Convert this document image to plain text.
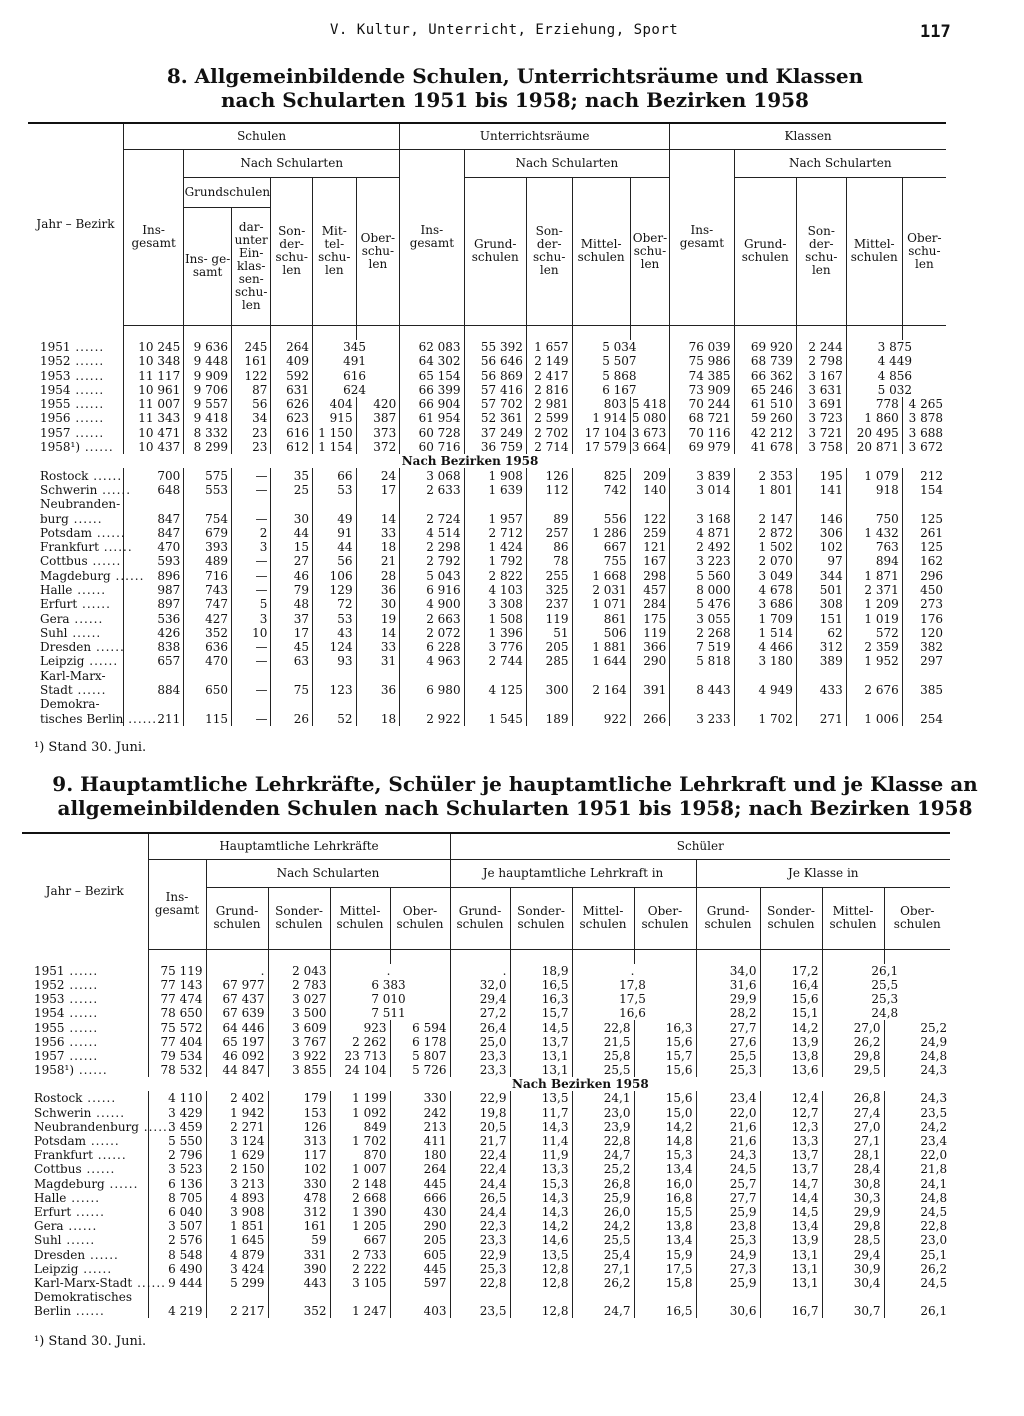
V. Kultur, Unterricht, Erziehung, Sport	117
8. Allgemeinbildende Schulen, Unterrichtsräume und Klassen
nach Schularten 1951 bis 1958; nach Bezirken 1958
Jahr – Bezirk	Schulen						Unterrichtsräume					Klassen				
	Ins- gesamt	Nach Schularten					Ins- gesamt	Nach Schularten				Ins- gesamt	Nach Schularten			
		Grundschulen		Son- der- schu- len	Mit- tel- schu- len	Ober- schu- len		Grund- schulen	Son- der- schu- len	Mittel- schulen	Ober- schu- len		Grund- schulen	Son- der- schu- len	Mittel- schulen	Ober- schu- len
		Ins- ge- samt	dar- unter Ein- klas- sen- schu- len													

1951 ......	10 245	9 636	245	264	345		62 083	55 392	1 657	5 034		76 039	69 920	2 244	3 875	
1952 ......	10 348	9 448	161	409	491		64 302	56 646	2 149	5 507		75 986	68 739	2 798	4 449	
1953 ......	11 117	9 909	122	592	616		65 154	56 869	2 417	5 868		74 385	66 362	3 167	4 856	
1954 ......	10 961	9 706	87	631	624		66 399	57 416	2 816	6 167		73 909	65 246	3 631	5 032	
1955 ......	11 007	9 557	56	626	404	420	66 904	57 702	2 981	803	5 418	70 244	61 510	3 691	778	4 265
1956 ......	11 343	9 418	34	623	915	387	61 954	52 361	2 599	1 914	5 080	68 721	59 260	3 723	1 860	3 878
1957 ......	10 471	8 332	23	616	1 150	373	60 728	37 249	2 702	17 104	3 673	70 116	42 212	3 721	20 495	3 688
1958¹) ......	10 437	8 299	23	612	1 154	372	60 716	36 759	2 714	17 579	3 664	69 979	41 678	3 758	20 871	3 672
							Nach Bezirken 1958									
Rostock ......	700	575	—	35	66	24	3 068	1 908	126	825	209	3 839	2 353	195	1 079	212
Schwerin ......	648	553	—	25	53	17	2 633	1 639	112	742	140	3 014	1 801	141	918	154
Neubranden-																
burg ......	847	754	—	30	49	14	2 724	1 957	89	556	122	3 168	2 147	146	750	125
Potsdam ......	847	679	2	44	91	33	4 514	2 712	257	1 286	259	4 871	2 872	306	1 432	261
Frankfurt ......	470	393	3	15	44	18	2 298	1 424	86	667	121	2 492	1 502	102	763	125
Cottbus ......	593	489	—	27	56	21	2 792	1 792	78	755	167	3 223	2 070	97	894	162
Magdeburg ......	896	716	—	46	106	28	5 043	2 822	255	1 668	298	5 560	3 049	344	1 871	296
Halle ......	987	743	—	79	129	36	6 916	4 103	325	2 031	457	8 000	4 678	501	2 371	450
Erfurt ......	897	747	5	48	72	30	4 900	3 308	237	1 071	284	5 476	3 686	308	1 209	273
Gera ......	536	427	3	37	53	19	2 663	1 508	119	861	175	3 055	1 709	151	1 019	176
Suhl ......	426	352	10	17	43	14	2 072	1 396	51	506	119	2 268	1 514	62	572	120
Dresden ......	838	636	—	45	124	33	6 228	3 776	205	1 881	366	7 519	4 466	312	2 359	382
Leipzig ......	657	470	—	63	93	31	4 963	2 744	285	1 644	290	5 818	3 180	389	1 952	297
Karl-Marx-																
Stadt ......	884	650	—	75	123	36	6 980	4 125	300	2 164	391	8 443	4 949	433	2 676	385
Demokra-																
tisches Berlin ......	211	115	—	26	52	18	2 922	1 545	189	922	266	3 233	1 702	271	1 006	254
¹) Stand 30. Juni.
9. Hauptamtliche Lehrkräfte, Schüler je hauptamtliche Lehrkraft und je Klasse an
allgemeinbildenden Schulen nach Schularten 1951 bis 1958; nach Bezirken 1958
Jahr – Bezirk	Hauptamtliche Lehrkräfte					Schüler							
	Ins- gesamt	Nach Schularten				Je hauptamtliche Lehrkraft in				Je Klasse in			
		Grund- schulen	Sonder- schulen	Mittel- schulen	Ober- schulen	Grund- schulen	Sonder- schulen	Mittel- schulen	Ober- schulen	Grund- schulen	Sonder- schulen	Mittel- schulen	Ober- schulen

1951 ......	75 119	.	2 043	.		.	18,9	.		34,0	17,2	26,1	
1952 ......	77 143	67 977	2 783	6 383		32,0	16,5	17,8		31,6	16,4	25,5	
1953 ......	77 474	67 437	3 027	7 010		29,4	16,3	17,5		29,9	15,6	25,3	
1954 ......	78 650	67 639	3 500	7 511		27,2	15,7	16,6		28,2	15,1	24,8	
1955 ......	75 572	64 446	3 609	923	6 594	26,4	14,5	22,8	16,3	27,7	14,2	27,0	25,2
1956 ......	77 404	65 197	3 767	2 262	6 178	25,0	13,7	21,5	15,6	27,6	13,9	26,2	24,9
1957 ......	79 534	46 092	3 922	23 713	5 807	23,3	13,1	25,8	15,7	25,5	13,8	29,8	24,8
1958¹) ......	78 532	44 847	3 855	24 104	5 726	23,3	13,1	25,5	15,6	25,3	13,6	29,5	24,3
							Nach Bezirken 1958						
Rostock ......	4 110	2 402	179	1 199	330	22,9	13,5	24,1	15,6	23,4	12,4	26,8	24,3
Schwerin ......	3 429	1 942	153	1 092	242	19,8	11,7	23,0	15,0	22,0	12,7	27,4	23,5
Neubrandenburg ......	3 459	2 271	126	849	213	20,5	14,3	23,9	14,2	21,6	12,3	27,0	24,2
Potsdam ......	5 550	3 124	313	1 702	411	21,7	11,4	22,8	14,8	21,6	13,3	27,1	23,4
Frankfurt ......	2 796	1 629	117	870	180	22,4	11,9	24,7	15,3	24,3	13,7	28,1	22,0
Cottbus ......	3 523	2 150	102	1 007	264	22,4	13,3	25,2	13,4	24,5	13,7	28,4	21,8
Magdeburg ......	6 136	3 213	330	2 148	445	24,4	15,3	26,8	16,0	25,7	14,7	30,8	24,1
Halle ......	8 705	4 893	478	2 668	666	26,5	14,3	25,9	16,8	27,7	14,4	30,3	24,8
Erfurt ......	6 040	3 908	312	1 390	430	24,4	14,3	26,0	15,5	25,9	14,5	29,9	24,5
Gera ......	3 507	1 851	161	1 205	290	22,3	14,2	24,2	13,8	23,8	13,4	29,8	22,8
Suhl ......	2 576	1 645	59	667	205	23,3	14,6	25,5	13,4	25,3	13,9	28,5	23,0
Dresden ......	8 548	4 879	331	2 733	605	22,9	13,5	25,4	15,9	24,9	13,1	29,4	25,1
Leipzig ......	6 490	3 424	390	2 222	445	25,3	12,8	27,1	17,5	27,3	13,1	30,9	26,2
Karl-Marx-Stadt ......	9 444	5 299	443	3 105	597	22,8	12,8	26,2	15,8	25,9	13,1	30,4	24,5
Demokratisches													
Berlin ......	4 219	2 217	352	1 247	403	23,5	12,8	24,7	16,5	30,6	16,7	30,7	26,1
¹) Stand 30. Juni.
